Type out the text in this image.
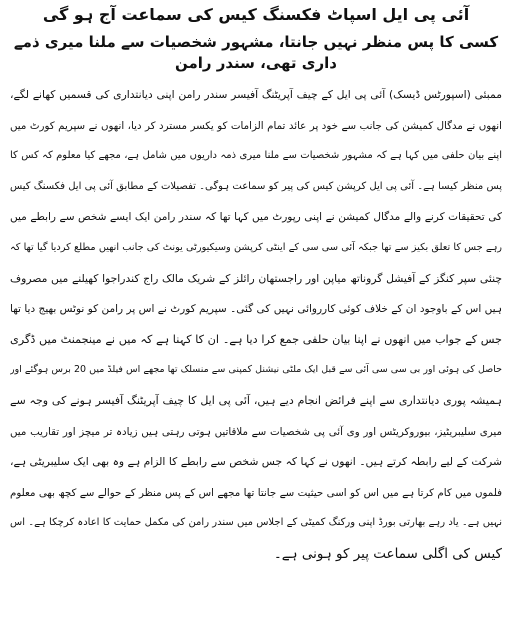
آئی پی ایل اسپاٹ فکسنگ کیس کی سماعت آج ہو گی
کسی کا پس منظر نہیں جانتا، مشہور شخصیات سے ملنا میری ذمے داری تھی، سندر رامن
ممبئی (اسپورٹس ڈیسک) آئی پی ایل کے چیف آپریٹنگ آفیسر سندر رامن اپنی دیانتداری کی قسمیں کھانے لگے،
انھوں نے مدگال کمیشن کی جانب سے خود پر عائد تمام الزامات کو یکسر مسترد کر دیا، انھوں نے سپریم کورٹ میں
اپنے بیان حلفی میں کہا ہے کہ مشہور شخصیات سے ملنا میری ذمہ داریوں میں شامل ہے، مجھے کیا معلوم کہ کس کا
پس منظر کیسا ہے۔ آئی پی ایل کرپشن کیس کی پیر کو سماعت ہوگی۔ تفصیلات کے مطابق آئی پی ایل فکسنگ کیس
کی تحقیقات کرنے والے مدگال کمیشن نے اپنی رپورٹ میں کہا تھا کہ سندر رامن ایک ایسے شخص سے رابطے میں
رہے جس کا تعلق بکیز سے تھا جبکہ آئی سی سی کے اینٹی کرپشن وسیکیورٹی یونٹ کی جانب انھیں مطلع کردیا گیا تھا کہ
چنئی سپر کنگز کے آفیشل گروناتھ میاپن اور راجستھان رائلز کے شریک مالک راج کندراجوا کھیلنے میں مصروف
ہیں اس کے باوجود ان کے خلاف کوئی کارروائی نہیں کی گئی۔ سپریم کورٹ نے اس پر رامن کو نوٹس بھیج دیا تھا
جس کے جواب میں انھوں نے اپنا بیان حلفی جمع کرا دیا ہے۔ ان کا کہنا ہے کہ میں نے مینجمنٹ میں ڈگری
حاصل کی ہوئی اور بی سی سی آئی سے قبل ایک ملٹی نیشنل کمپنی سے منسلک تھا مجھے اس فیلڈ میں 20 برس ہوگئے اور
ہمیشہ پوری دیانتداری سے اپنے فرائض انجام دیے ہیں، آئی پی ایل کا چیف آپریٹنگ آفیسر ہونے کی وجہ سے
میری سلیبریٹیز، بیوروکریٹس اور وی آئی پی شخصیات سے ملاقاتیں ہوتی رہتی ہیں زیادہ تر میچز اور تقاریب میں
شرکت کے لیے رابطہ کرتے ہیں۔ انھوں نے کہا کہ جس شخص سے رابطے کا الزام ہے وہ بھی ایک سلیبریٹی ہے،
فلموں میں کام کرتا ہے میں اس کو اسی حیثیت سے جانتا تھا مجھے اس کے پس منظر کے حوالے سے کچھ بھی معلوم
نہیں ہے۔ یاد رہے بھارتی بورڈ اپنی ورکنگ کمیٹی کے اجلاس میں سندر رامن کی مکمل حمایت کا اعادہ کرچکا ہے۔ اس
کیس کی اگلی سماعت پیر کو ہونی ہے۔
